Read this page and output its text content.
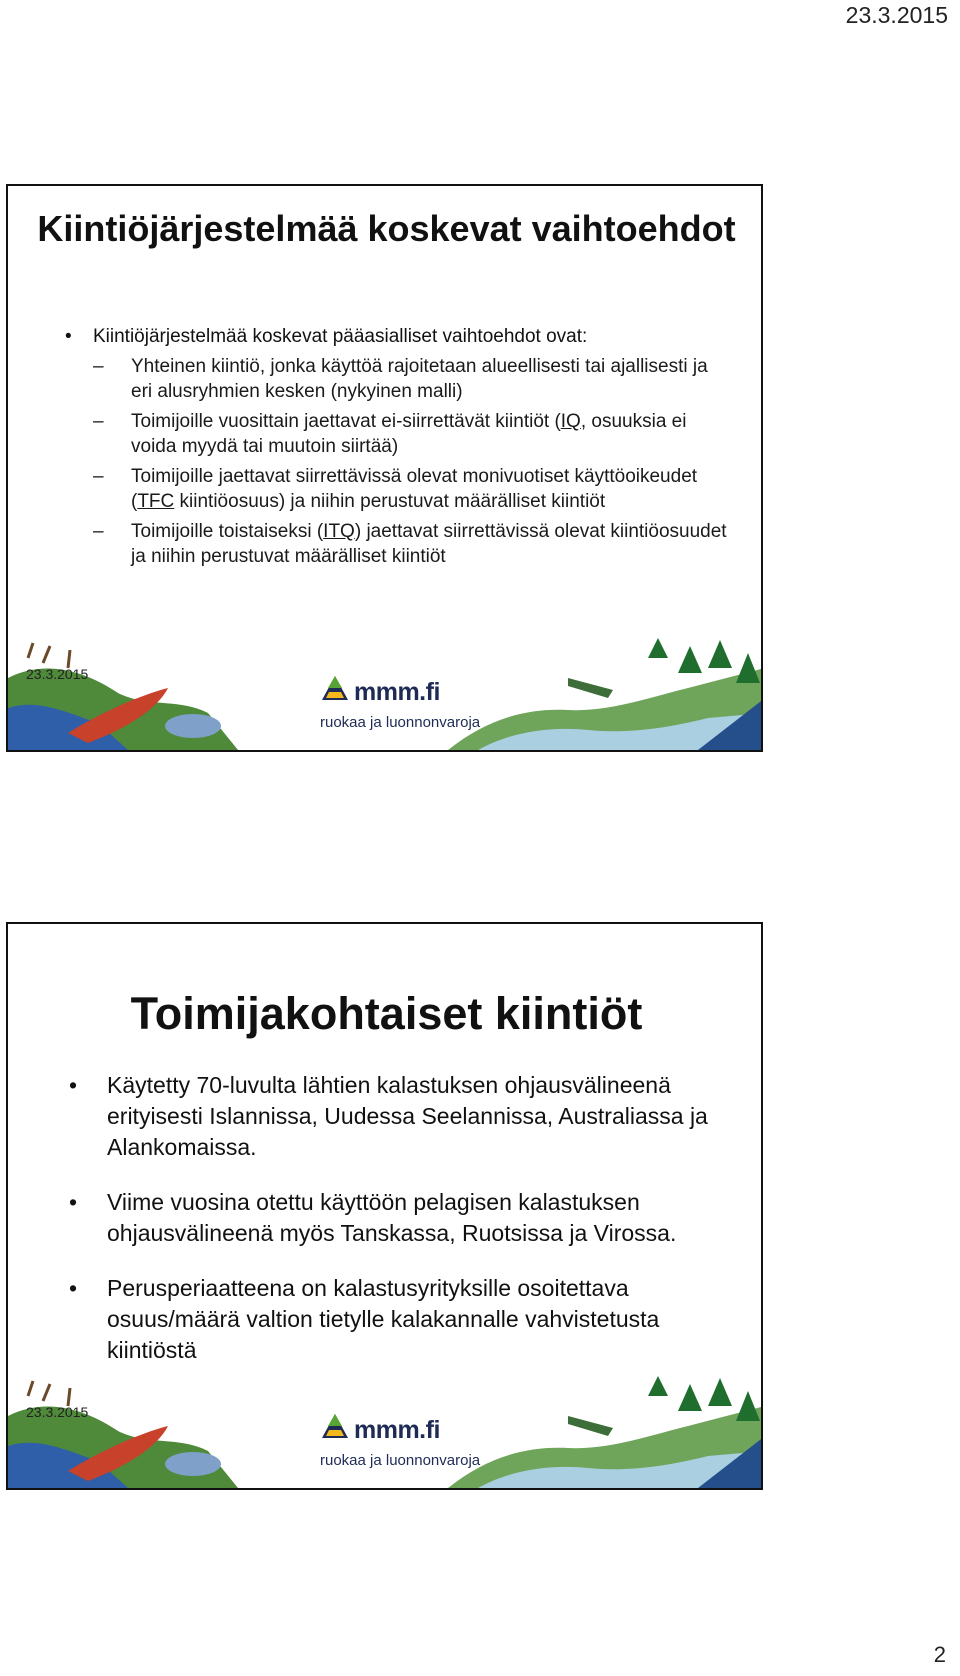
23.3.2015
Kiintiöjärjestelmää koskevat vaihtoehdot
• Kiintiöjärjestelmää koskevat pääasialliset vaihtoehdot ovat:
– Yhteinen kiintiö, jonka käyttöä rajoitetaan alueellisesti tai ajallisesti ja eri alusryhmien kesken (nykyinen malli)
– Toimijoille vuosittain jaettavat ei-siirrettävät kiintiöt (IQ, osuuksia ei voida myydä tai muutoin siirtää)
– Toimijoille jaettavat siirrettävissä olevat monivuotiset käyttöoikeudet (TFC kiintiöosuus) ja niihin perustuvat määrälliset kiintiöt
– Toimijoille toistaiseksi (ITQ) jaettavat siirrettävissä olevat kiintiöosuudet ja niihin perustuvat määrälliset kiintiöt
23.3.2015
mmm.fi
ruokaa ja luonnonvaroja
Toimijakohtaiset kiintiöt
• Käytetty 70-luvulta lähtien kalastuksen ohjausvälineenä erityisesti Islannissa, Uudessa Seelannissa, Australiassa ja Alankomaissa.
• Viime vuosina otettu käyttöön pelagisen kalastuksen ohjausvälineenä myös Tanskassa, Ruotsissa ja Virossa.
• Perusperiaatteena on kalastusyrityksille osoitettava osuus/määrä valtion tietylle kalakannalle vahvistetusta kiintiöstä
23.3.2015
mmm.fi
ruokaa ja luonnonvaroja
2
